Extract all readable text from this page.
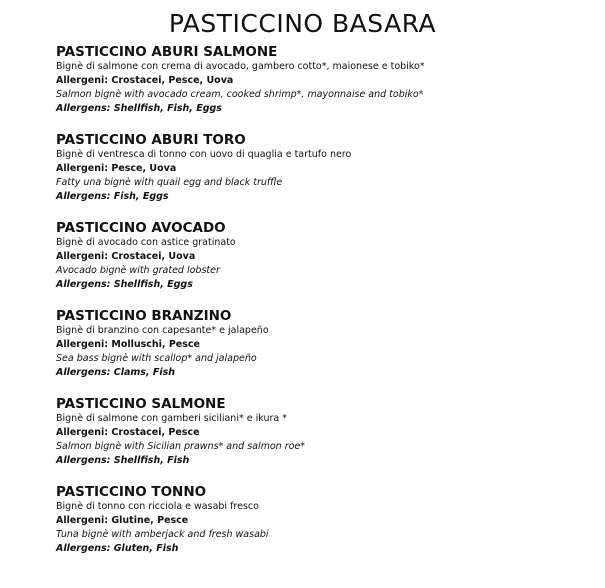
PASTICCINO BASARA
PASTICCINO ABURI SALMONE
Bignè di salmone con crema di avocado, gambero cotto*, maionese e tobiko*
Allergeni: Crostacei, Pesce, Uova
Salmon bignè with avocado cream, cooked shrimp*, mayonnaise and tobiko*
Allergens: Shellfish, Fish, Eggs
PASTICCINO ABURI TORO
Bignè di ventresca di tonno con uovo di quaglia e tartufo nero
Allergeni: Pesce, Uova
Fatty una bignè with quail egg and black truffle
Allergens: Fish, Eggs
PASTICCINO AVOCADO
Bignè di avocado con astice gratinato
Allergeni: Crostacei, Uova
Avocado bignè with grated lobster
Allergens: Shellfish, Eggs
PASTICCINO BRANZINO
Bignè di branzino con capesante* e jalapeño
Allergeni: Molluschi, Pesce
Sea bass bignè with scallop* and jalapeño
Allergens: Clams, Fish
PASTICCINO SALMONE
Bignè di salmone con gamberi siciliani* e ikura *
Allergeni: Crostacei, Pesce
Salmon bignè with Sicilian prawns* and salmon roe*
Allergens: Shellfish, Fish
PASTICCINO TONNO
Bignè di tonno con ricciola e wasabi fresco
Allergeni: Glutine, Pesce
Tuna bignè with amberjack and fresh wasabi
Allergens: Gluten, Fish
